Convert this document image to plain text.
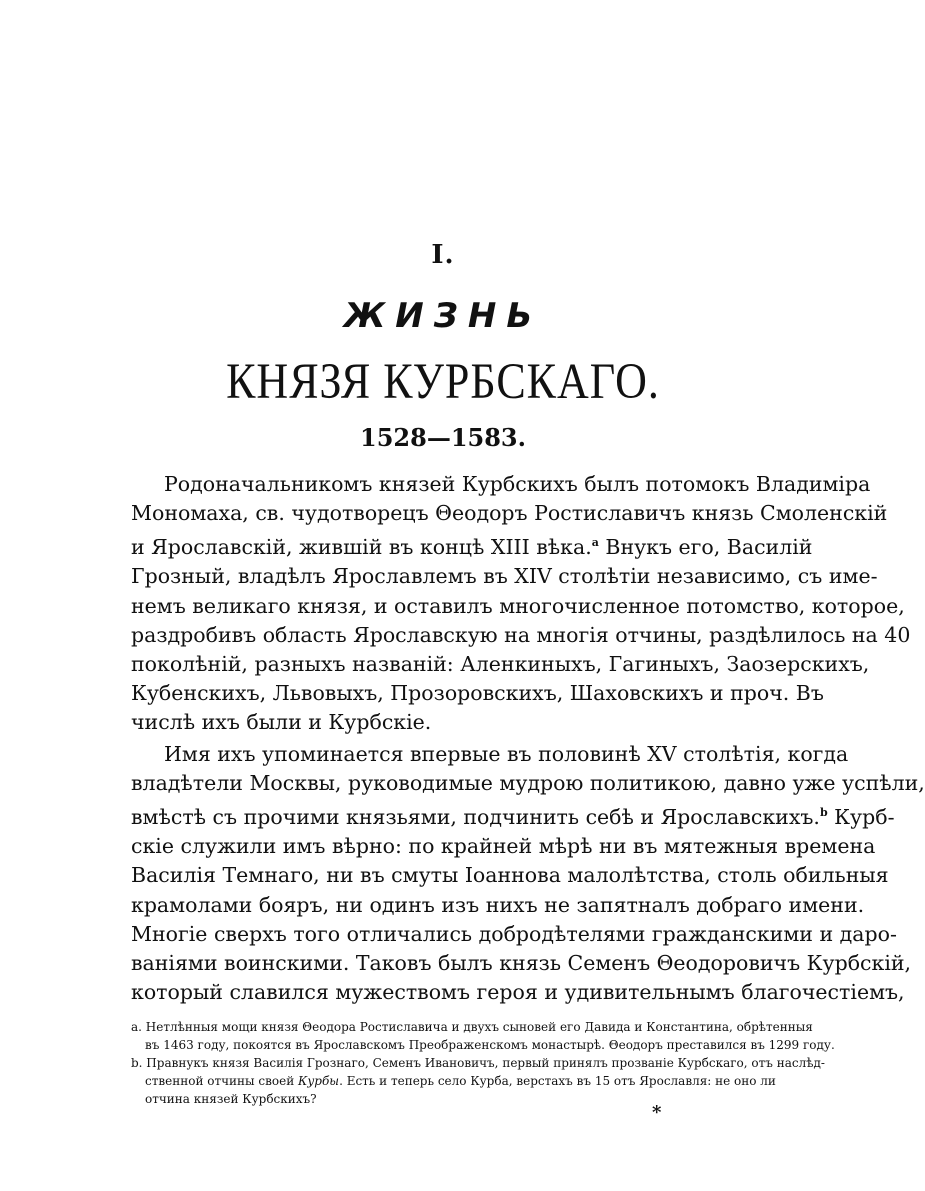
I.
ЖИЗНЬ
КНЯЗЯ КУРБСКАГО.
1528—1583.

Родоначальникомъ князей Курбскихъ былъ потомокъ Владиміра
Мономаха, св. чудотворецъ Θеодоръ Ростиславичъ князь Смоленскій
и Ярославскій, жившій въ концѣ XIII вѣка.$^a$ Внукъ его, Василій
Грозный, владѣлъ Ярославлемъ въ XIV столѣтіи независимо, съ име-
немъ великаго князя, и оставилъ многочисленное потомство, которое,
раздробивъ область Ярославскую на многія отчины, раздѣлилось на 40
поколѣній, разныхъ названій: Аленкиныхъ, Гагиныхъ, Заозерскихъ,
Кубенскихъ, Львовыхъ, Прозоровскихъ, Шаховскихъ и проч. Въ
числѣ ихъ были и Курбскіе.

Имя ихъ упоминается впервые въ половинѣ XV столѣтія, когда
владѣтели Москвы, руководимые мудрою политикою, давно уже успѣли,
вмѣстѣ съ прочими князьями, подчинить себѣ и Ярославскихъ.$^b$ Курб-
скіе служили имъ вѣрно: по крайней мѣрѣ ни въ мятежныя времена
Василія Темнаго, ни въ смуты Іоаннова малолѣтства, столь обильныя
крамолами бояръ, ни одинъ изъ нихъ не запятналъ добраго имени.
Многіе сверхъ того отличались добродѣтелями гражданскими и даро-
ваніями воинскими. Таковъ былъ князь Семенъ Θеодоровичъ Курбскій,
который славился мужествомъ героя и удивительнымъ благочестіемъ,

a. Нетлѣнныя мощи князя Θеодора Ростиславича и двухъ сыновей его Давида и Константина, обрѣтенныя
въ 1463 году, покоятся въ Ярославскомъ Преображенскомъ монастырѣ. Θеодоръ преставился въ 1299 году.
b. Правнукъ князя Василія Грознаго, Семенъ Ивановичъ, первый принялъ прозваніе Курбскаго, отъ наслѣд-
ственной отчины своей Курбы. Есть и теперь село Курба, верстахъ въ 15 отъ Ярославля: не оно ли
отчина князей Курбскихъ?
*
